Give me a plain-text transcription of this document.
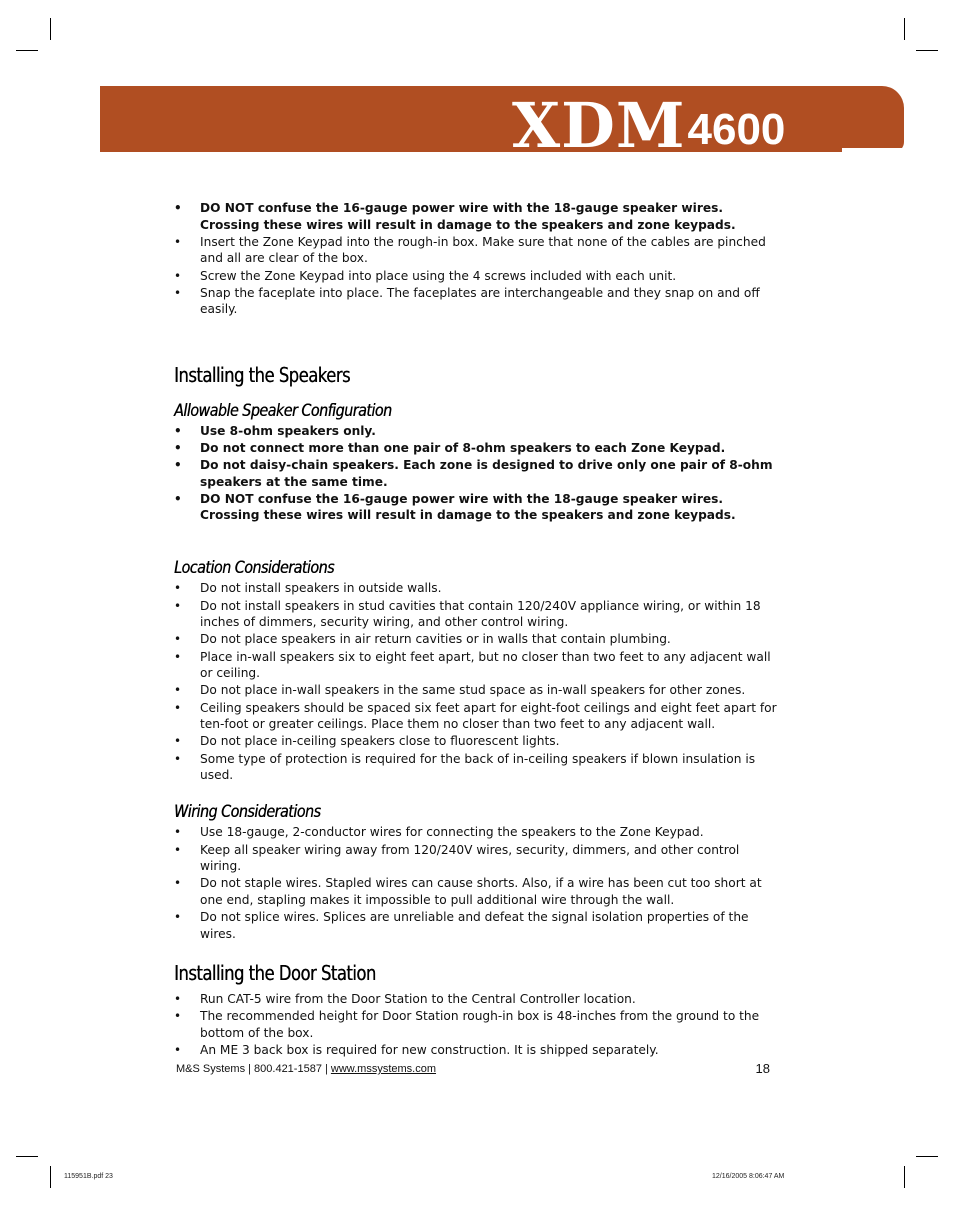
XDM 4600
• DO NOT confuse the 16-gauge power wire with the 18-gauge speaker wires. Crossing these wires will result in damage to the speakers and zone keypads.
• Insert the Zone Keypad into the rough-in box. Make sure that none of the cables are pinched and all are clear of the box.
• Screw the Zone Keypad into place using the 4 screws included with each unit.
• Snap the faceplate into place. The faceplates are interchangeable and they snap on and off easily.
Installing the Speakers
Allowable Speaker Configuration
• Use 8-ohm speakers only.
• Do not connect more than one pair of 8-ohm speakers to each Zone Keypad.
• Do not daisy-chain speakers. Each zone is designed to drive only one pair of 8-ohm speakers at the same time.
• DO NOT confuse the 16-gauge power wire with the 18-gauge speaker wires. Crossing these wires will result in damage to the speakers and zone keypads.
Location Considerations
• Do not install speakers in outside walls.
• Do not install speakers in stud cavities that contain 120/240V appliance wiring, or within 18 inches of dimmers, security wiring, and other control wiring.
• Do not place speakers in air return cavities or in walls that contain plumbing.
• Place in-wall speakers six to eight feet apart, but no closer than two feet to any adjacent wall or ceiling.
• Do not place in-wall speakers in the same stud space as in-wall speakers for other zones.
• Ceiling speakers should be spaced six feet apart for eight-foot ceilings and eight feet apart for ten-foot or greater ceilings. Place them no closer than two feet to any adjacent wall.
• Do not place in-ceiling speakers close to fluorescent lights.
• Some type of protection is required for the back of in-ceiling speakers if blown insulation is used.
Wiring Considerations
• Use 18-gauge, 2-conductor wires for connecting the speakers to the Zone Keypad.
• Keep all speaker wiring away from 120/240V wires, security, dimmers, and other control wiring.
• Do not staple wires. Stapled wires can cause shorts. Also, if a wire has been cut too short at one end, stapling makes it impossible to pull additional wire through the wall.
• Do not splice wires. Splices are unreliable and defeat the signal isolation properties of the wires.
Installing the Door Station
• Run CAT-5 wire from the Door Station to the Central Controller location.
• The recommended height for Door Station rough-in box is 48-inches from the ground to the bottom of the box.
• An ME 3 back box is required for new construction. It is shipped separately.
M&S Systems | 800.421-1587 | www.mssystems.com	18
115951B.pdf 23	12/16/2005 8:06:47 AM
